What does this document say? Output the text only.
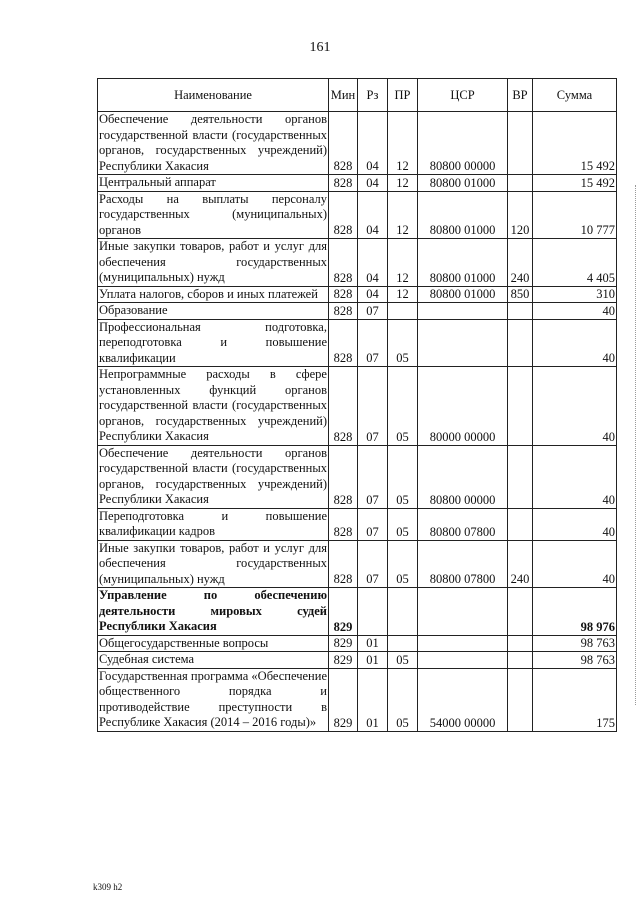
161
Наименование	Мин	Рз	ПР	ЦСР	ВР	Сумма
Обеспечение деятельности органов государственной власти (государственных органов, государственных учреждений) Республики Хакасия	828	04	12	80800 00000		15 492
Центральный аппарат	828	04	12	80800 01000		15 492
Расходы на выплаты персоналу государственных (муниципальных) органов	828	04	12	80800 01000	120	10 777
Иные закупки товаров, работ и услуг для обеспечения государственных (муниципальных) нужд	828	04	12	80800 01000	240	4 405
Уплата налогов, сборов и иных платежей	828	04	12	80800 01000	850	310
Образование	828	07				40
Профессиональная подготовка, переподготовка и повышение квалификации	828	07	05			40
Непрограммные расходы в сфере установленных функций органов государственной власти (государственных органов, государственных учреждений) Республики Хакасия	828	07	05	80000 00000		40
Обеспечение деятельности органов государственной власти (государственных органов, государственных учреждений) Республики Хакасия	828	07	05	80800 00000		40
Переподготовка и повышение квалификации кадров	828	07	05	80800 07800		40
Иные закупки товаров, работ и услуг для обеспечения государственных (муниципальных) нужд	828	07	05	80800 07800	240	40
Управление по обеспечению деятельности мировых судей Республики Хакасия	829					98 976
Общегосударственные вопросы	829	01				98 763
Судебная система	829	01	05			98 763
Государственная программа «Обеспечение общественного порядка и противодействие преступности в Республике Хакасия (2014 – 2016 годы)»	829	01	05	54000 00000		175
k309 h2
